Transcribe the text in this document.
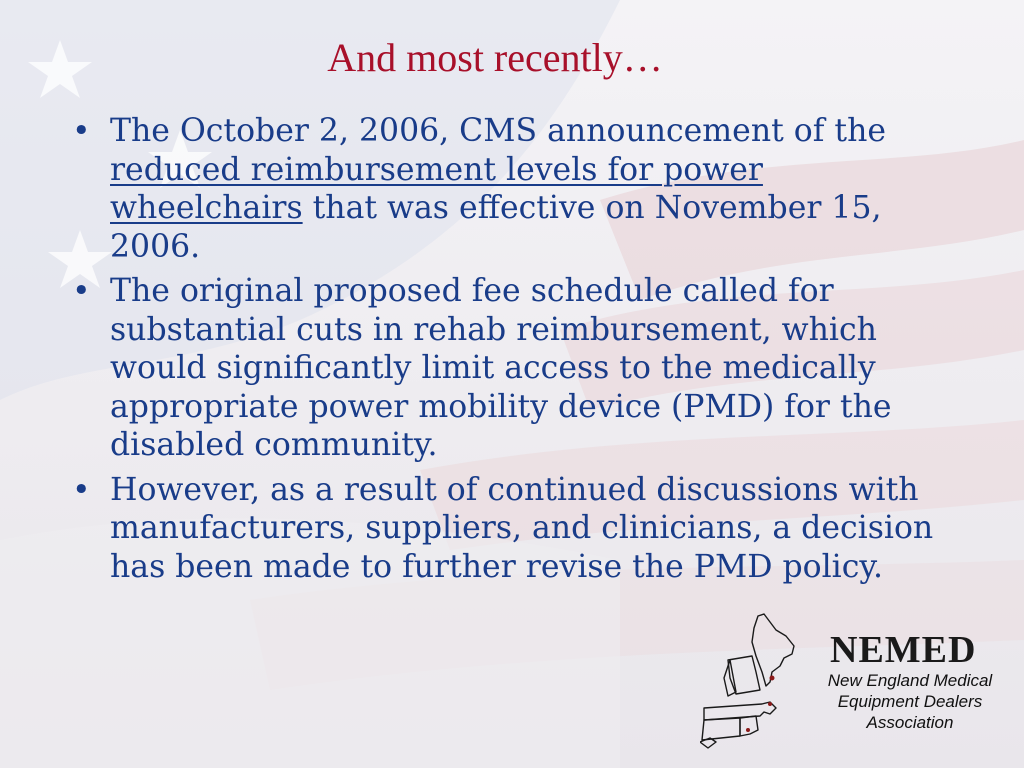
And most recently…
• The October 2, 2006, CMS announcement of the reduced reimbursement levels for power wheelchairs that was effective on November 15, 2006.
• The original proposed fee schedule called for substantial cuts in rehab reimbursement, which would significantly limit access to the medically appropriate power mobility device (PMD) for the disabled community.
• However, as a result of continued discussions with manufacturers, suppliers, and clinicians, a decision has been made to further revise the PMD policy.
NEMED
New England Medical
Equipment Dealers
Association
